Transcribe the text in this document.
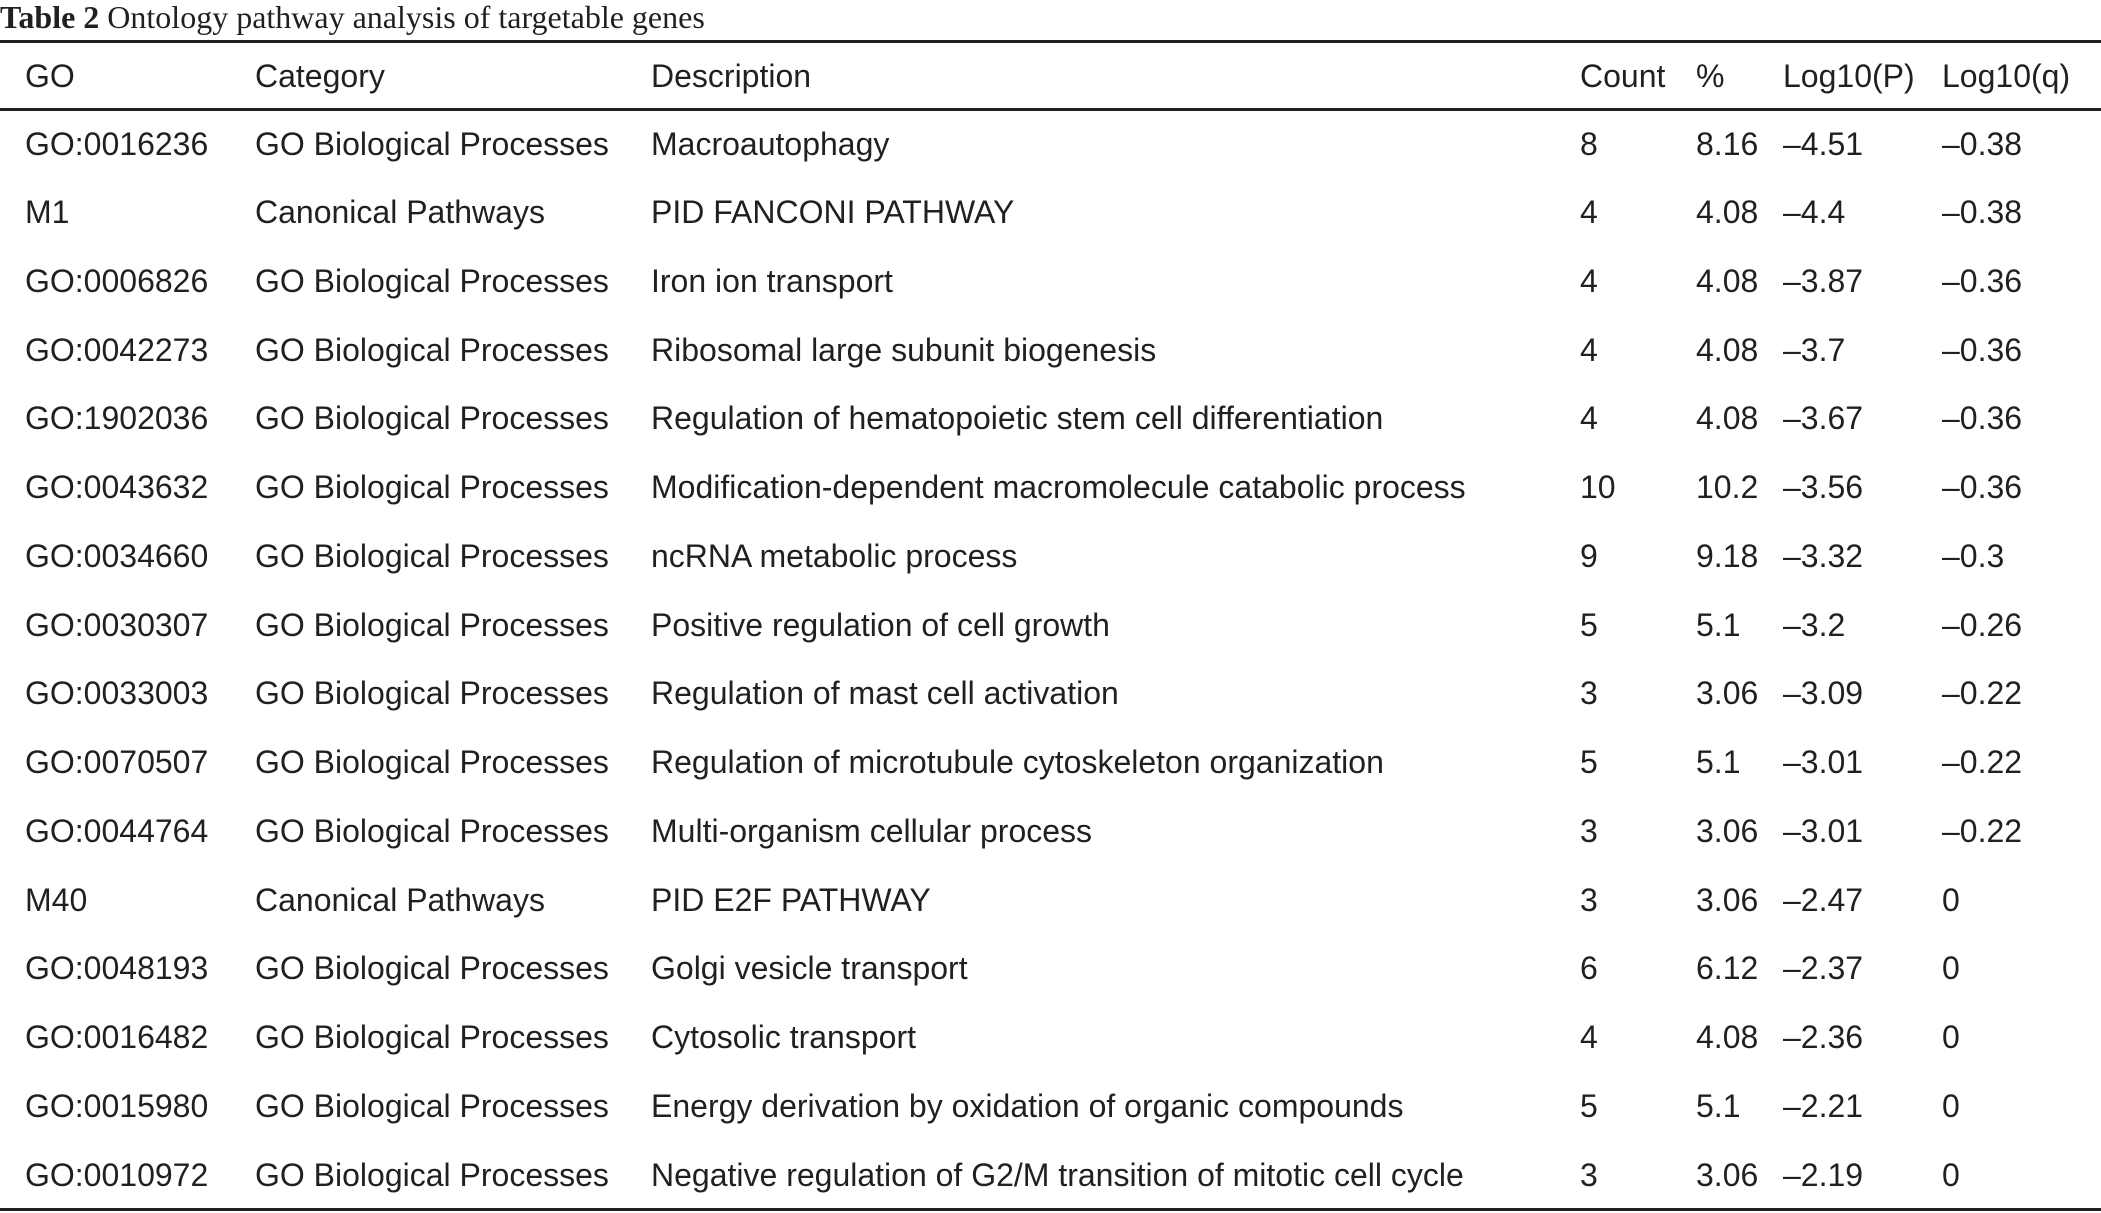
Table 2 Ontology pathway analysis of targetable genes
GO	Category	Description	Count	%	Log10(P)	Log10(q)
GO:0016236	GO Biological Processes	Macroautophagy	8	8.16	–4.51	–0.38
M1	Canonical Pathways	PID FANCONI PATHWAY	4	4.08	–4.4	–0.38
GO:0006826	GO Biological Processes	Iron ion transport	4	4.08	–3.87	–0.36
GO:0042273	GO Biological Processes	Ribosomal large subunit biogenesis	4	4.08	–3.7	–0.36
GO:1902036	GO Biological Processes	Regulation of hematopoietic stem cell differentiation	4	4.08	–3.67	–0.36
GO:0043632	GO Biological Processes	Modification-dependent macromolecule catabolic process	10	10.2	–3.56	–0.36
GO:0034660	GO Biological Processes	ncRNA metabolic process	9	9.18	–3.32	–0.3
GO:0030307	GO Biological Processes	Positive regulation of cell growth	5	5.1	–3.2	–0.26
GO:0033003	GO Biological Processes	Regulation of mast cell activation	3	3.06	–3.09	–0.22
GO:0070507	GO Biological Processes	Regulation of microtubule cytoskeleton organization	5	5.1	–3.01	–0.22
GO:0044764	GO Biological Processes	Multi-organism cellular process	3	3.06	–3.01	–0.22
M40	Canonical Pathways	PID E2F PATHWAY	3	3.06	–2.47	0
GO:0048193	GO Biological Processes	Golgi vesicle transport	6	6.12	–2.37	0
GO:0016482	GO Biological Processes	Cytosolic transport	4	4.08	–2.36	0
GO:0015980	GO Biological Processes	Energy derivation by oxidation of organic compounds	5	5.1	–2.21	0
GO:0010972	GO Biological Processes	Negative regulation of G2/M transition of mitotic cell cycle	3	3.06	–2.19	0
